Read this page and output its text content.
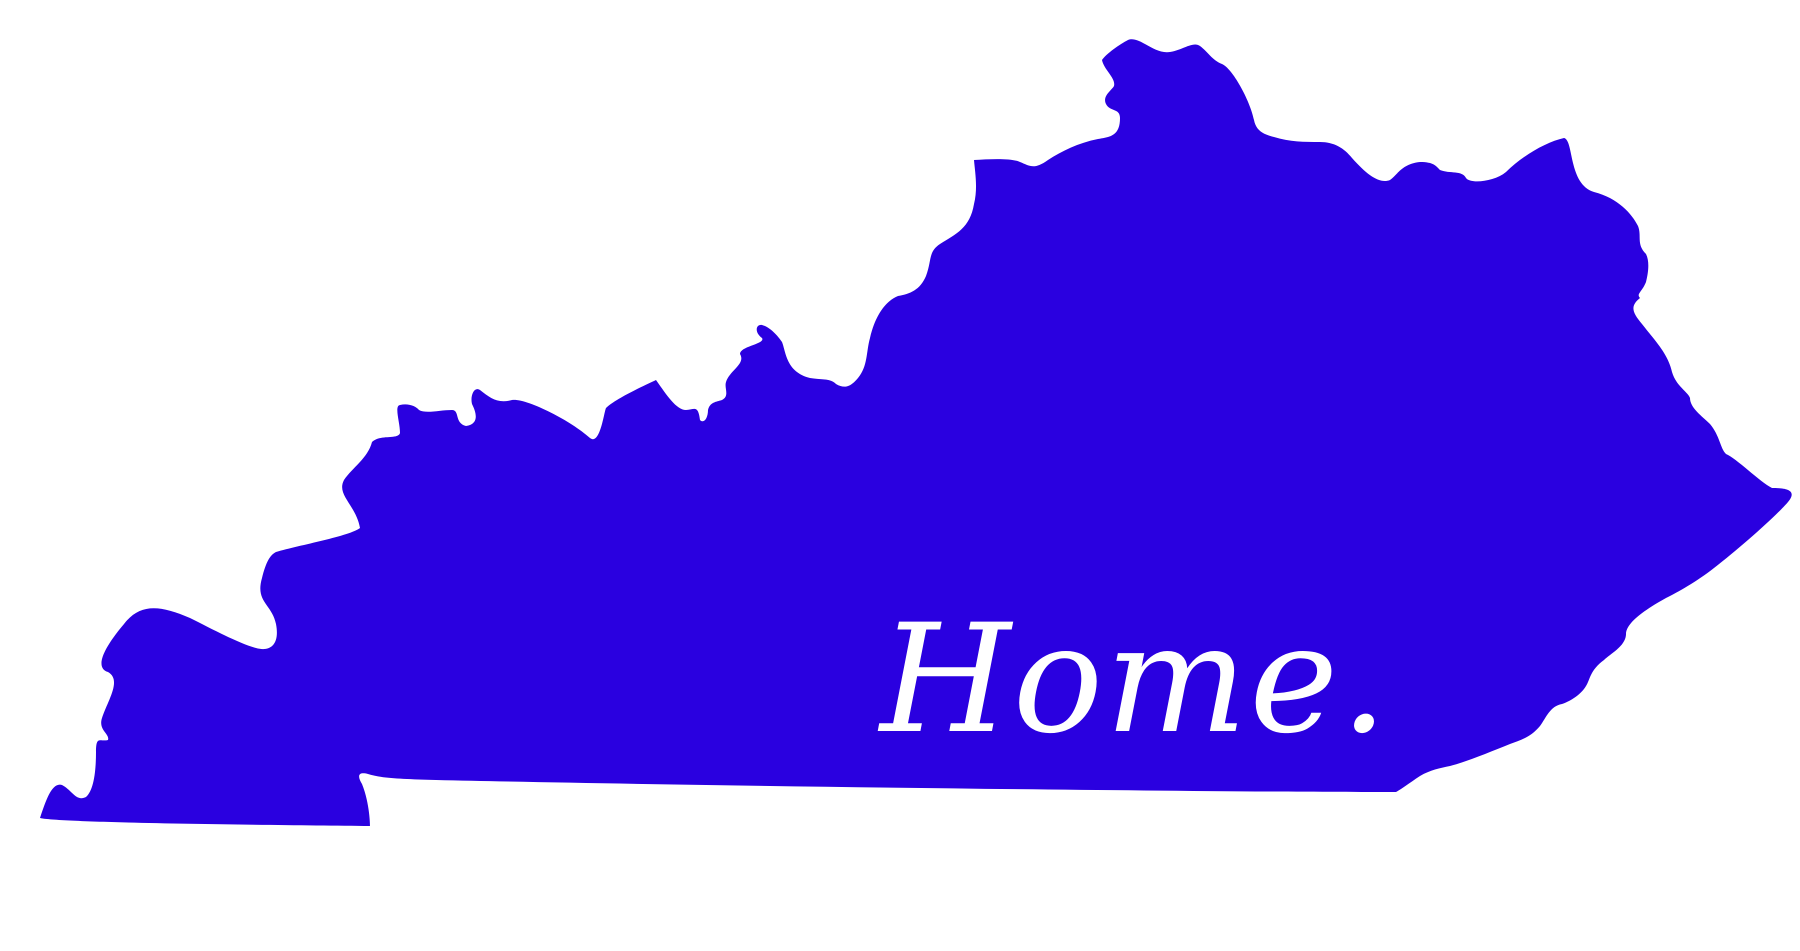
Home.
